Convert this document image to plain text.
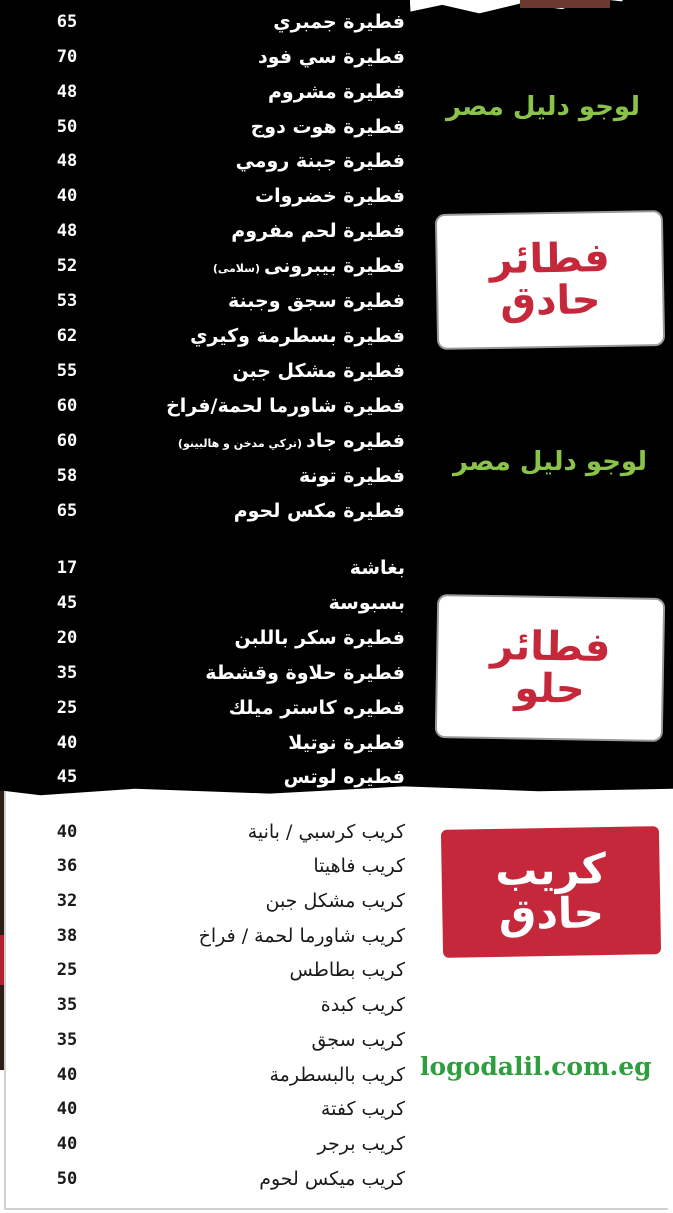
فطيرة جمبري
65
فطيرة سي فود
70
فطيرة مشروم
48
فطيرة هوت دوج
50
فطيرة جبنة رومي
48
فطيرة خضروات
40
فطيرة لحم مفروم
48
فطيرة بيبرونى(سلامى)
52
فطيرة سجق وجبنة
53
فطيرة بسطرمة وكيري
62
فطيرة مشكل جبن
55
فطيرة شاورما لحمة/فراخ
60
فطيره جاد(تركي مدخن و هالبينو)
60
فطيرة تونة
58
فطيرة مكس لحوم
65
بغاشة
17
بسبوسة
45
فطيرة سكر باللبن
20
فطيرة حلاوة وقشطة
35
فطيره كاستر ميلك
25
فطيرة نوتيلا
40
فطيره لوتس
45
كريب كرسبي / بانية
40
كريب فاهيتا
36
كريب مشكل جبن
32
كريب شاورما لحمة / فراخ
38
كريب بطاطس
25
كريب كبدة
35
كريب سجق
35
كريب بالبسطرمة
40
كريب كفتة
40
كريب برجر
40
كريب ميكس لحوم
50
فطائر
حادق
فطائر
حلو
كريب
حادق
لوجو دليل مصر
لوجو دليل مصر
logodalil.com.eg
